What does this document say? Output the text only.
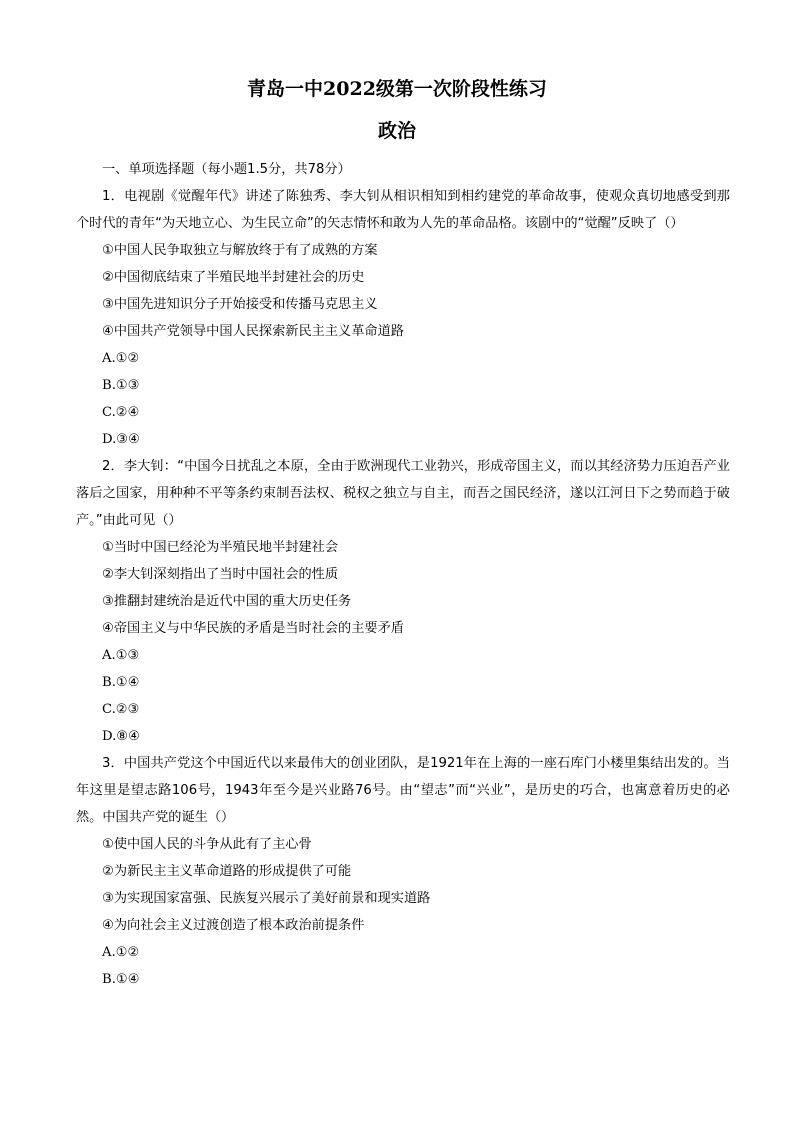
青岛一中2022级第一次阶段性练习
政治
一、单项选择题（每小题1.5分，共78分）
1．电视剧《觉醒年代》讲述了陈独秀、李大钊从相识相知到相约建党的革命故事，使观众真切地感受到那个时代的青年“为天地立心、为生民立命”的矢志情怀和敢为人先的革命品格。该剧中的“觉醒”反映了（）
①中国人民争取独立与解放终于有了成熟的方案
②中国彻底结束了半殖民地半封建社会的历史
③中国先进知识分子开始接受和传播马克思主义
④中国共产党领导中国人民探索新民主主义革命道路
A.①②
B.①③
C.②④
D.③④
2．李大钊：“中国今日扰乱之本原，全由于欧洲现代工业勃兴，形成帝国主义，而以其经济势力压迫吾产业落后之国家，用种种不平等条约束制吾法权、税权之独立与自主，而吾之国民经济，遂以江河日下之势而趋于破产。”由此可见（）
①当时中国已经沦为半殖民地半封建社会
②李大钊深刻指出了当时中国社会的性质
③推翻封建统治是近代中国的重大历史任务
④帝国主义与中华民族的矛盾是当时社会的主要矛盾
A.①③
B.①④
C.②③
D.⑧④
3．中国共产党这个中国近代以来最伟大的创业团队，是1921年在上海的一座石库门小楼里集结出发的。当年这里是望志路106号，1943年至今是兴业路76号。由“望志”而“兴业”，是历史的巧合，也寓意着历史的必然。中国共产党的诞生（）
①使中国人民的斗争从此有了主心骨
②为新民主主义革命道路的形成提供了可能
③为实现国家富强、民族复兴展示了美好前景和现实道路
④为向社会主义过渡创造了根本政治前提条件
A.①②
B.①④
